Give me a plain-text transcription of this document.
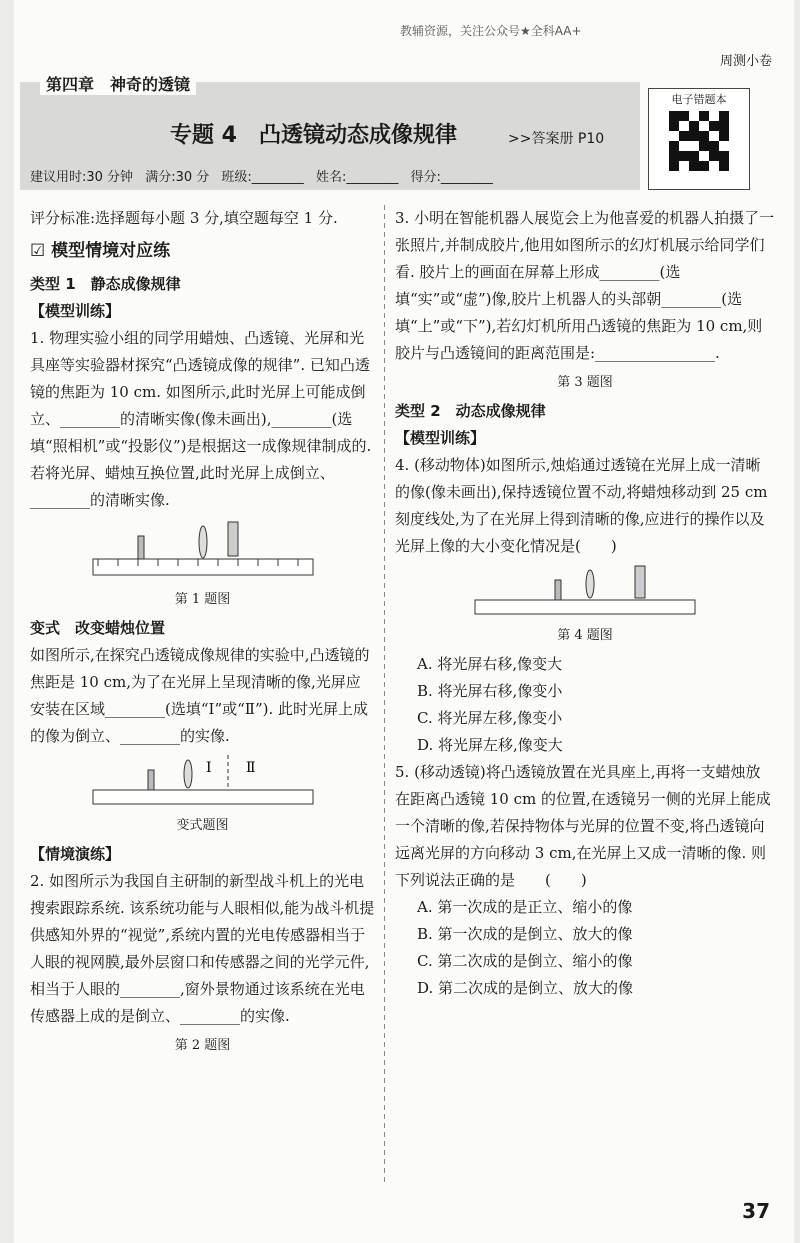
教辅资源，关注公众号★全科AA+
周测小卷
第四章　神奇的透镜
专题 4　凸透镜动态成像规律	>>答案册 P10
建议用时:30 分钟 满分:30 分 班级:________ 姓名:________ 得分:________
电子错题本

评分标准:选择题每小题 3 分,填空题每空 1 分.

☑ 模型情境对应练

类型 1　静态成像规律

【模型训练】

1. 物理实验小组的同学用蜡烛、凸透镜、光屏和光具座等实验器材探究“凸透镜成像的规律”. 已知凸透镜的焦距为 10 cm. 如图所示,此时光屏上可能成倒立、________的清晰实像(像未画出),________(选填“照相机”或“投影仪”)是根据这一成像规律制成的. 若将光屏、蜡烛互换位置,此时光屏上成倒立、________的清晰实像.

第 1 题图

变式　改变蜡烛位置

如图所示,在探究凸透镜成像规律的实验中,凸透镜的焦距是 10 cm,为了在光屏上呈现清晰的像,光屏应安装在区域________(选填“Ⅰ”或“Ⅱ”). 此时光屏上成的像为倒立、________的实像.

Ⅰ Ⅱ

变式题图

【情境演练】

2. 如图所示为我国自主研制的新型战斗机上的光电搜索跟踪系统. 该系统功能与人眼相似,能为战斗机提供感知外界的“视觉”,系统内置的光电传感器相当于人眼的视网膜,最外层窗口和传感器之间的光学元件,相当于人眼的________,窗外景物通过该系统在光电传感器上成的是倒立、________的实像.

第 2 题图

3. 小明在智能机器人展览会上为他喜爱的机器人拍摄了一张照片,并制成胶片,他用如图所示的幻灯机展示给同学们看. 胶片上的画面在屏幕上形成________(选填“实”或“虚”)像,胶片上机器人的头部朝________(选填“上”或“下”),若幻灯机所用凸透镜的焦距为 10 cm,则胶片与凸透镜间的距离范围是:________________.

第 3 题图

类型 2　动态成像规律

【模型训练】

4. (移动物体)如图所示,烛焰通过透镜在光屏上成一清晰的像(像未画出),保持透镜位置不动,将蜡烛移动到 25 cm 刻度线处,为了在光屏上得到清晰的像,应进行的操作以及光屏上像的大小变化情况是(　　)

第 4 题图

A. 将光屏右移,像变大

B. 将光屏右移,像变小

C. 将光屏左移,像变小

D. 将光屏左移,像变大

5. (移动透镜)将凸透镜放置在光具座上,再将一支蜡烛放在距离凸透镜 10 cm 的位置,在透镜另一侧的光屏上能成一个清晰的像,若保持物体与光屏的位置不变,将凸透镜向远离光屏的方向移动 3 cm,在光屏上又成一清晰的像. 则下列说法正确的是　　(　　)

A. 第一次成的是正立、缩小的像

B. 第一次成的是倒立、放大的像

C. 第二次成的是倒立、缩小的像

D. 第二次成的是倒立、放大的像

37
